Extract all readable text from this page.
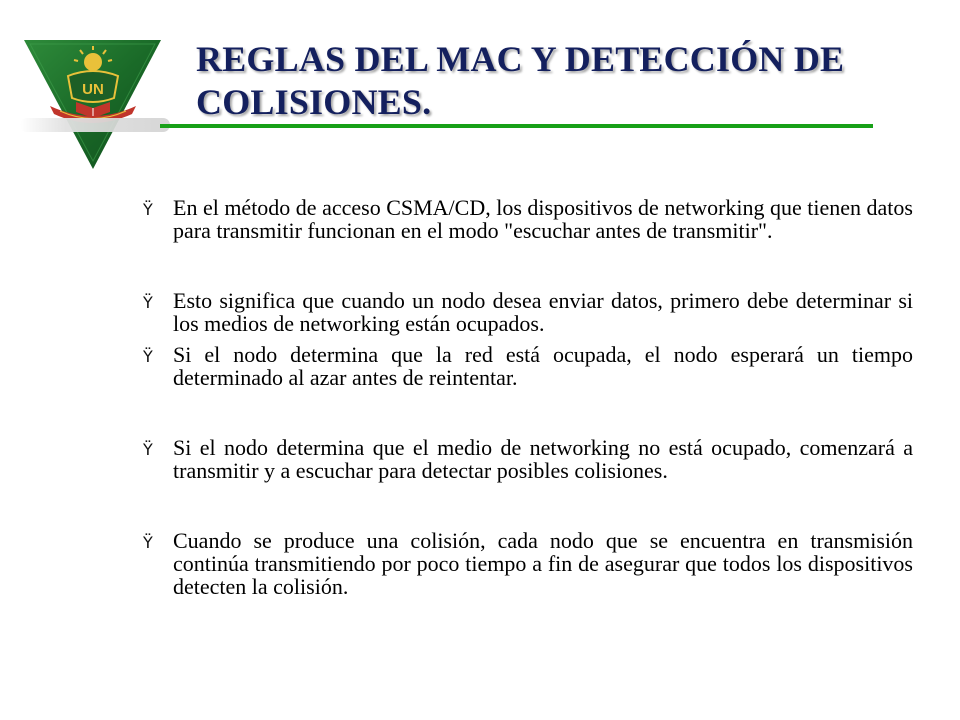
UN
REGLAS DEL MAC Y DETECCIÓN DE
COLISIONES.
Ÿ En el método de acceso CSMA/CD, los dispositivos de networking que tienen datos para transmitir funcionan en el modo "escuchar antes de transmitir".
Ÿ Esto significa que cuando un nodo desea enviar datos, primero debe determinar si los medios de networking están ocupados.
Ÿ Si el nodo determina que la red está ocupada, el nodo esperará un tiempo determinado al azar antes de reintentar.
Ÿ Si el nodo determina que el medio de networking no está ocupado, comenzará a transmitir y a escuchar para detectar posibles colisiones.
Ÿ Cuando se produce una colisión, cada nodo que se encuentra en transmisión continúa transmitiendo por poco tiempo a fin de asegurar que todos los dispositivos detecten la colisión.
